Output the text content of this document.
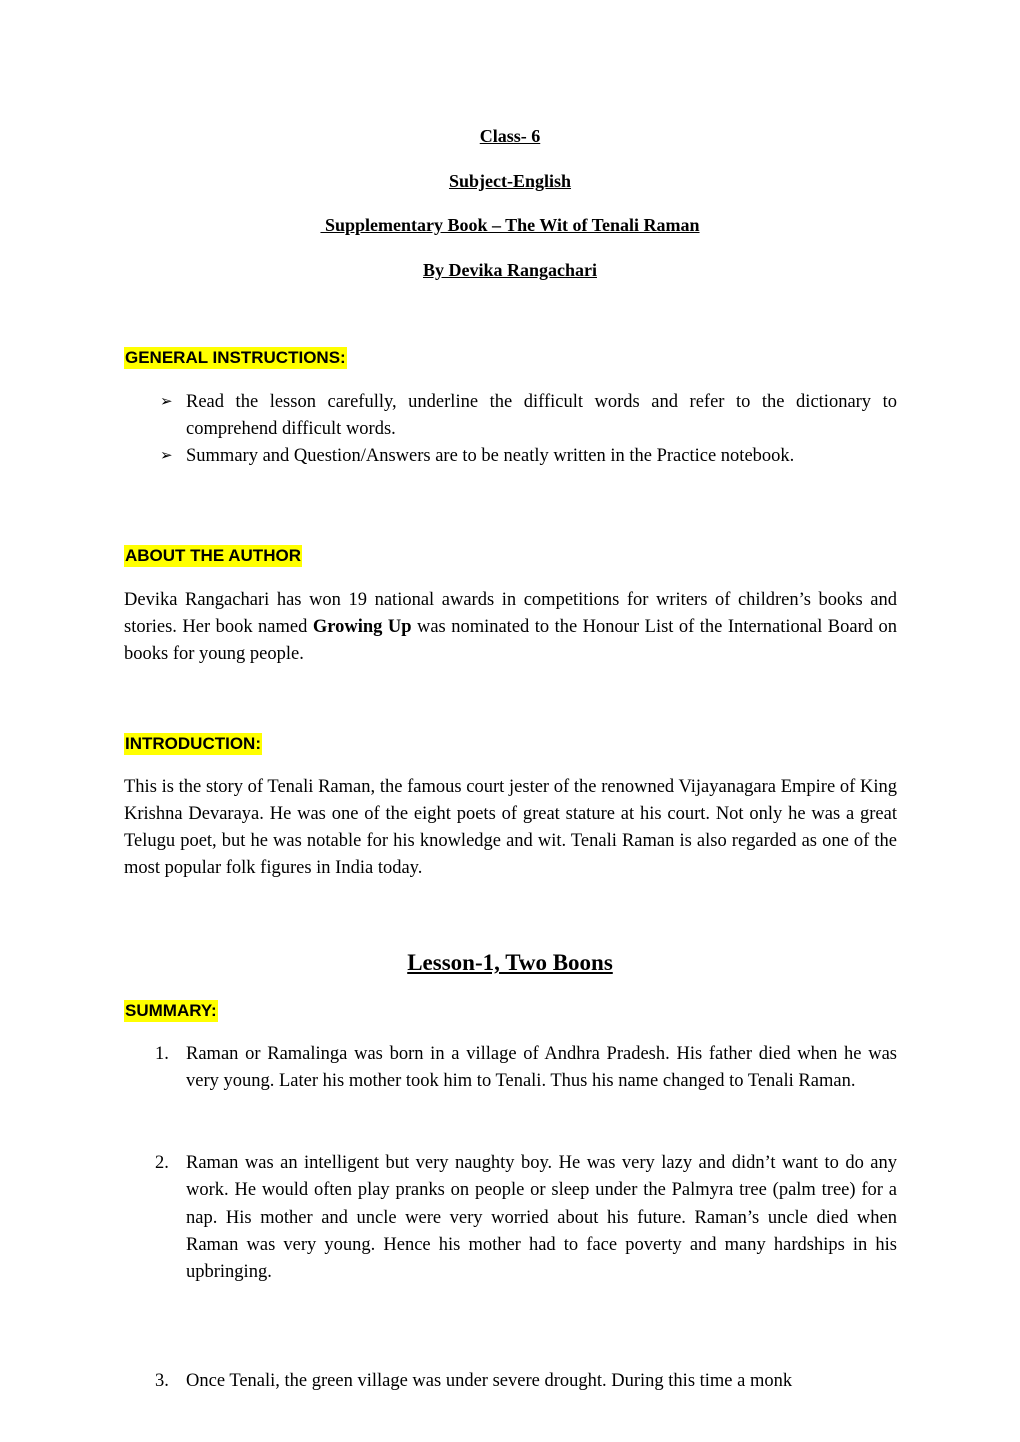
Class- 6
Subject-English
Supplementary Book – The Wit of Tenali Raman
By Devika Rangachari
GENERAL INSTRUCTIONS:
➢ Read the lesson carefully, underline the difficult words and refer to the dictionary to comprehend difficult words.
➢ Summary and Question/Answers are to be neatly written in the Practice notebook.
ABOUT THE AUTHOR
Devika Rangachari has won 19 national awards in competitions for writers of children’s books and stories. Her book named Growing Up was nominated to the Honour List of the International Board on books for young people.
INTRODUCTION:
This is the story of Tenali Raman, the famous court jester of the renowned Vijayanagara Empire of King Krishna Devaraya. He was one of the eight poets of great stature at his court. Not only he was a great Telugu poet, but he was notable for his knowledge and wit. Tenali Raman is also regarded as one of the most popular folk figures in India today.
Lesson-1, Two Boons
SUMMARY:
1. Raman or Ramalinga was born in a village of Andhra Pradesh. His father died when he was very young. Later his mother took him to Tenali. Thus his name changed to Tenali Raman.
2. Raman was an intelligent but very naughty boy. He was very lazy and didn’t want to do any work. He would often play pranks on people or sleep under the Palmyra tree (palm tree) for a nap. His mother and uncle were very worried about his future. Raman’s uncle died when Raman was very young. Hence his mother had to face poverty and many hardships in his upbringing.
3. Once Tenali, the green village was under severe drought. During this time a monk
